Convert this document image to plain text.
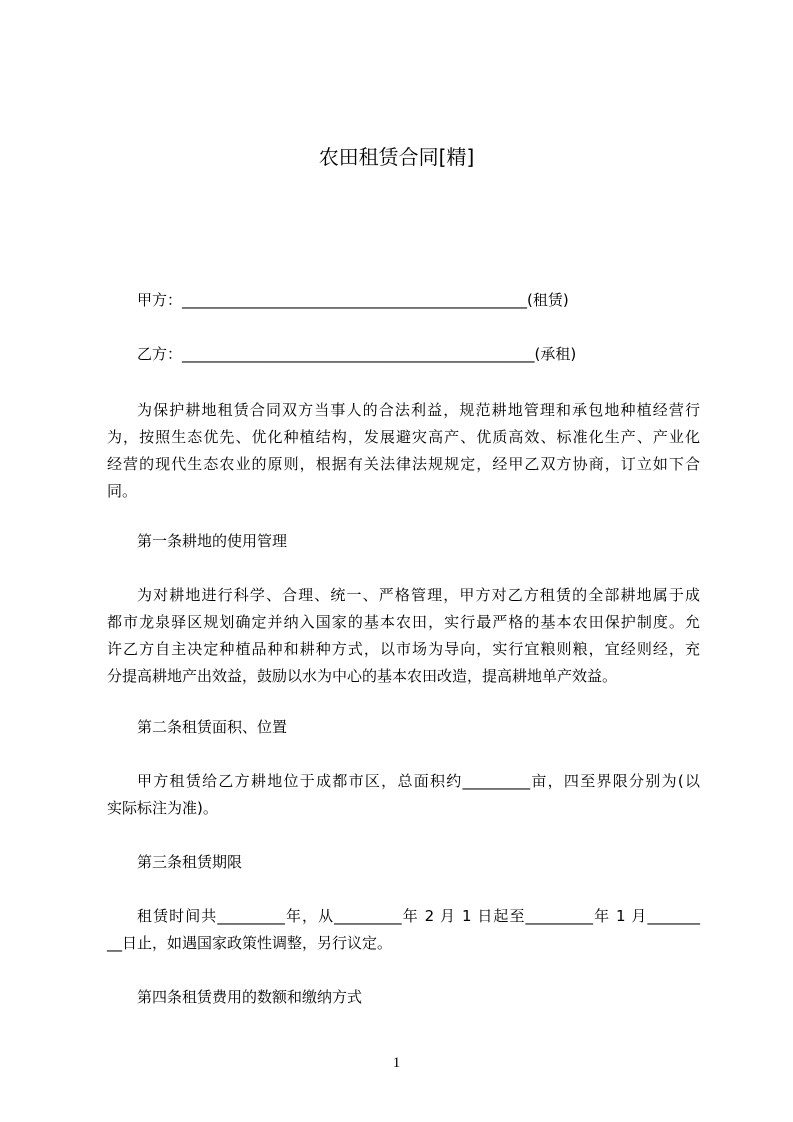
农田租赁合同[精]
甲方：______________________________________________(租赁)
乙方：_______________________________________________(承租)
为保护耕地租赁合同双方当事人的合法利益，规范耕地管理和承包地种植经营行
为，按照生态优先、优化种植结构，发展避灾高产、优质高效、标准化生产、产业化
经营的现代生态农业的原则，根据有关法律法规规定，经甲乙双方协商，订立如下合
同。
第一条耕地的使用管理
为对耕地进行科学、合理、统一、严格管理，甲方对乙方租赁的全部耕地属于成
都市龙泉驿区规划确定并纳入国家的基本农田，实行最严格的基本农田保护制度。允
许乙方自主决定种植品种和耕种方式，以市场为导向，实行宜粮则粮，宜经则经，充
分提高耕地产出效益，鼓励以水为中心的基本农田改造，提高耕地单产效益。
第二条租赁面积、位置
甲方租赁给乙方耕地位于成都市区，总面积约_________亩，四至界限分别为(以
实际标注为准)。
第三条租赁期限
租赁时间共_________年，从_________年 2 月 1 日起至_________年 1 月_______
__日止，如遇国家政策性调整，另行议定。
第四条租赁费用的数额和缴纳方式
1
